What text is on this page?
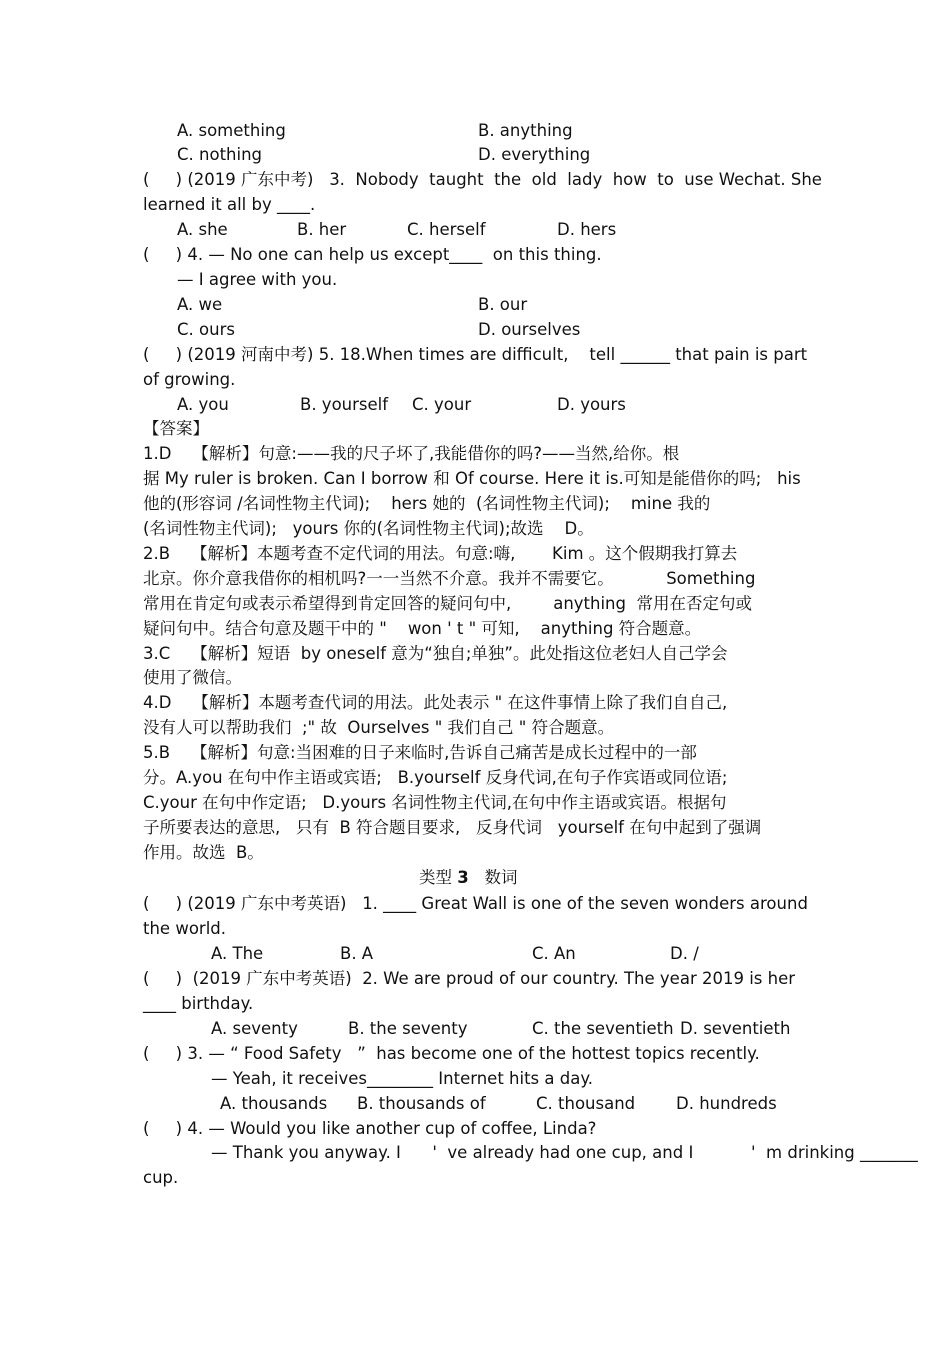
A. something	B. anything
C. nothing	D. everything
(     ) (2019 广东中考)   3.  Nobody  taught  the  old  lady  how  to  use Wechat. She
learned it all by ____.
A. she	B. her	C. herself	D. hers
(     ) 4. — No one can help us except____  on this thing.
— I agree with you.
A. we	B. our
C. ours	D. ourselves
(     ) (2019 河南中考) 5. 18.When times are difficult,    tell ______ that pain is part
of growing.
A. you	B. yourself C. your	D. yours
【答案】
1.D    【解析】句意:——我的尺子坏了,我能借你的吗?——当然,给你。根
据 My ruler is broken. Can I borrow 和 Of course. Here it is.可知是能借你的吗;   his
他的(形容词 /名词性物主代词);    hers 她的  (名词性物主代词);    mine 我的
(名词性物主代词);   yours 你的(名词性物主代词);故选    D。
2.B    【解析】本题考查不定代词的用法。句意:嗨,       Kim 。这个假期我打算去
北京。你介意我借你的相机吗?一一当然不介意。我并不需要它。          Something
常用在肯定句或表示希望得到肯定回答的疑问句中,        anything  常用在否定句或
疑问句中。结合句意及题干中的 "    won ' t " 可知,    anything 符合题意。
3.C    【解析】短语  by oneself 意为“独自;单独”。此处指这位老妇人自己学会
使用了微信。
4.D    【解析】本题考查代词的用法。此处表示 " 在这件事情上除了我们自自己,
没有人可以帮助我们  ;" 故  Ourselves " 我们自己 " 符合题意。
5.B    【解析】句意:当困难的日子来临时,告诉自己痛苦是成长过程中的一部
分。A.you 在句中作主语或宾语;   B.yourself 反身代词,在句子作宾语或同位语;
C.your 在句中作定语;   D.yours 名词性物主代词,在句中作主语或宾语。根据句
子所要表达的意思,   只有  B 符合题目要求,   反身代词   yourself 在句中起到了强调
作用。故选  B。
类型 3   数词
(     ) (2019 广东中考英语)   1. ____ Great Wall is one of the seven wonders around
the world.
A. The	B. A	C. An	D. /
(     )  (2019 广东中考英语)  2. We are proud of our country. The year 2019 is her
____ birthday.
A. seventy	B. the seventy	C. the seventieth D. seventieth
(     ) 3. — “ Food Safety   ”  has become one of the hottest topics recently.
— Yeah, it receives________ Internet hits a day.
A. thousands B. thousands of	C. thousand D. hundreds
(     ) 4. — Would you like another cup of coffee, Linda?
— Thank you anyway. I      '  ve already had one cup, and I           '  m drinking _______
cup.
